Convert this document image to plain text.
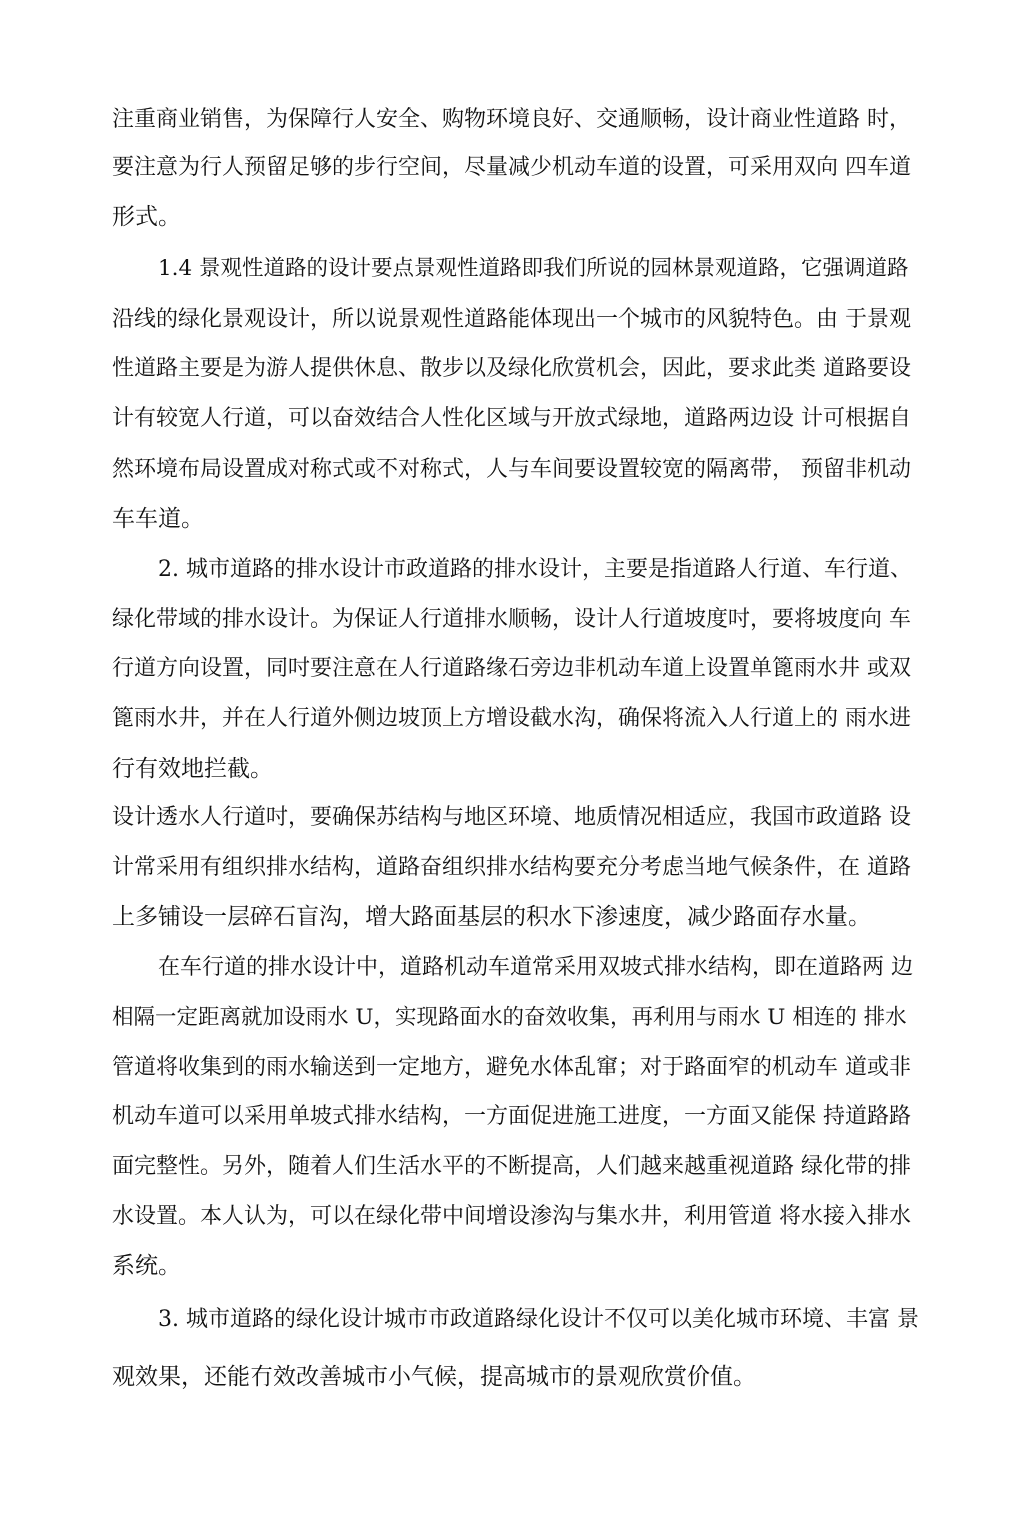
注重商业销售，为保障行人安全、购物环境良好、交通顺畅，设计商业性道路 时，

要注意为行人预留足够的步行空间，尽量减少机动车道的设置，可采用双向 四车道

形式。

1.4 景观性道路的设计要点景观性道路即我们所说的园林景观道路，它强调道路

沿线的绿化景观设计，所以说景观性道路能体现出一个城市的风貌特色。由 于景观

性道路主要是为游人提供休息、散步以及绿化欣赏机会，因此，要求此类 道路要设

计有较宽人行道，可以奋效结合人性化区域与开放式绿地，道路两边设 计可根据自

然环境布局设置成对称式或不对称式，人与车间要设置较宽的隔离带， 预留非机动

车车道。

2. 城市道路的排水设计市政道路的排水设计，主要是指道路人行道、车行道、

绿化带域的排水设计。为保证人行道排水顺畅，设计人行道坡度吋，要将坡度向 车

行道方向设置，同吋要注意在人行道路缘石旁边非机动车道上设置单篦雨水井 或双

篦雨水井，并在人行道外侧边坡顶上方增设截水沟，确保将流入人行道上的 雨水进

行有效地拦截。

设计透水人行道吋，要确保苏结构与地区环境、地质情况相适应，我国市政道路 设

计常采用有组织排水结构，道路奋组织排水结构要充分考虑当地气候条件，在 道路

上多铺设一层碎石盲沟，增大路面基层的积水下渗速度，减少路面存水量。

在车行道的排水设计中，道路机动车道常采用双坡式排水结构，即在道路两 边

相隔一定距离就加设雨水 U，实现路面水的奋效收集，再利用与雨水 U 相连的 排水

管道将收集到的雨水输送到一定地方，避免水体乱窜；对于路面窄的机动车 道或非

机动车道可以采用单坡式排水结构，一方面促进施工进度，一方面又能保 持道路路

面完整性。另外，随着人们生活水平的不断提高，人们越来越重视道路 绿化带的排

水设置。本人认为，可以在绿化带中间增设渗沟与集水井，利用管道 将水接入排水

系统。

3. 城市道路的绿化设计城市市政道路绿化设计不仅可以美化城市环境、丰富 景

观效果，还能冇效改善城市小气候，提高城市的景观欣赏价值。
